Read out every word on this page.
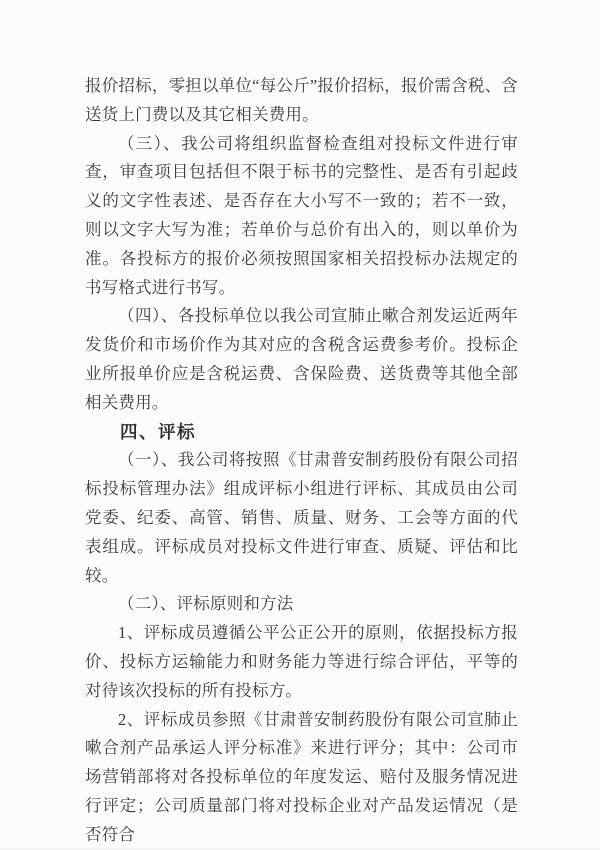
报价招标，零担以单位“每公斤”报价招标，报价需含税、含送货上门费以及其它相关费用。

（三）、我公司将组织监督检查组对投标文件进行审查，审查项目包括但不限于标书的完整性、是否有引起歧义的文字性表述、是否存在大小写不一致的；若不一致，则以文字大写为准；若单价与总价有出入的，则以单价为准。各投标方的报价必须按照国家相关招投标办法规定的书写格式进行书写。

（四）、各投标单位以我公司宣肺止嗽合剂发运近两年发货价和市场价作为其对应的含税含运费参考价。投标企业所报单价应是含税运费、含保险费、送货费等其他全部相关费用。

四、评标

（一）、我公司将按照《甘肃普安制药股份有限公司招标投标管理办法》组成评标小组进行评标、其成员由公司党委、纪委、高管、销售、质量、财务、工会等方面的代表组成。评标成员对投标文件进行审查、质疑、评估和比较。

（二）、评标原则和方法

1、评标成员遵循公平公正公开的原则，依据投标方报价、投标方运输能力和财务能力等进行综合评估，平等的对待该次投标的所有投标方。

2、评标成员参照《甘肃普安制药股份有限公司宣肺止嗽合剂产品承运人评分标准》来进行评分；其中：公司市场营销部将对各投标单位的年度发运、赔付及服务情况进行评定；公司质量部门将对投标企业对产品发运情况（是否符合
